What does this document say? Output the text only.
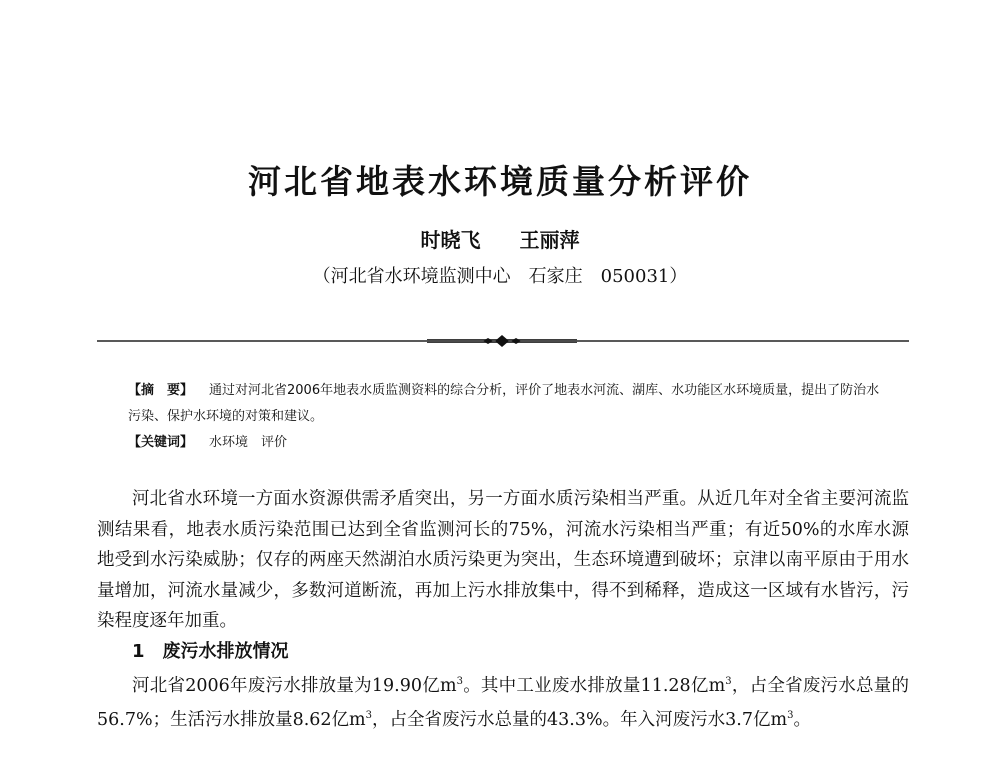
河北省地表水环境质量分析评价
时晓飞 王丽萍
（河北省水环境监测中心　石家庄　050031）
【摘　要】 通过对河北省2006年地表水质监测资料的综合分析，评价了地表水河流、湖库、水功能区水环境质量，提出了防治水污染、保护水环境的对策和建议。
【关键词】 水环境　评价

河北省水环境一方面水资源供需矛盾突出，另一方面水质污染相当严重。从近几年对全省主要河流监测结果看，地表水质污染范围已达到全省监测河长的75%，河流水污染相当严重；有近50%的水库水源地受到水污染威胁；仅存的两座天然湖泊水质污染更为突出，生态环境遭到破坏；京津以南平原由于用水量增加，河流水量减少，多数河道断流，再加上污水排放集中，得不到稀释，造成这一区域有水皆污，污染程度逐年加重。

1 废污水排放情况

河北省2006年废污水排放量为19.90亿$m^3$。其中工业废水排放量11.28亿$m^3$，占全省废污水总量的56.7%；生活污水排放量8.62亿$m^3$，占全省废污水总量的43.3%。年入河废污水3.7亿$m^3$。
